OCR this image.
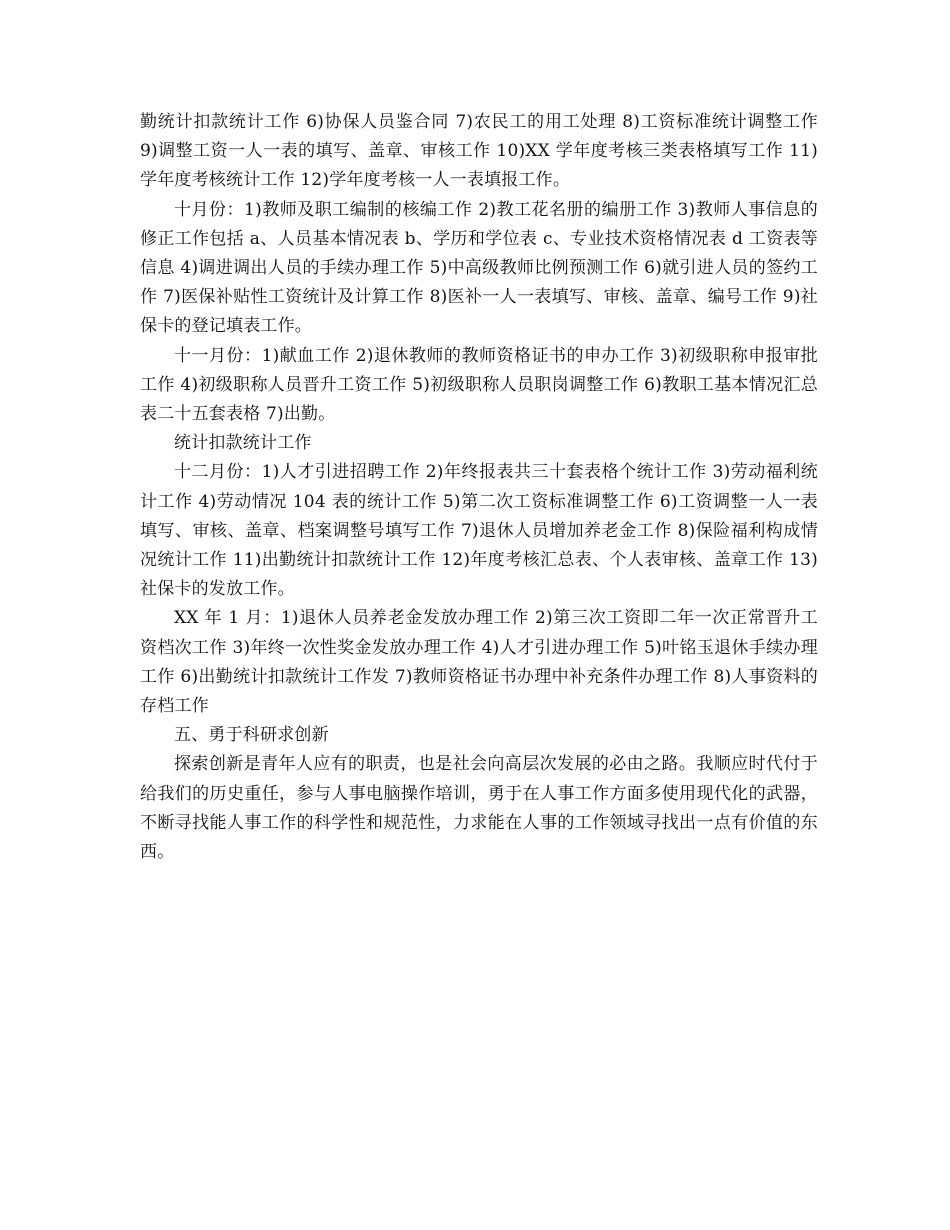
勤统计扣款统计工作 6)协保人员鉴合同 7)农民工的用工处理 8)工资标准统计调整工作 9)调整工资一人一表的填写、盖章、审核工作 10)XX 学年度考核三类表格填写工作 11)学年度考核统计工作 12)学年度考核一人一表填报工作。

十月份：1)教师及职工编制的核编工作 2)教工花名册的编册工作 3)教师人事信息的修正工作包括 a、人员基本情况表 b、学历和学位表 c、专业技术资格情况表 d 工资表等信息 4)调进调出人员的手续办理工作 5)中高级教师比例预测工作 6)就引进人员的签约工作 7)医保补贴性工资统计及计算工作 8)医补一人一表填写、审核、盖章、编号工作 9)社保卡的登记填表工作。

十一月份：1)献血工作 2)退休教师的教师资格证书的申办工作 3)初级职称申报审批工作 4)初级职称人员晋升工资工作 5)初级职称人员职岗调整工作 6)教职工基本情况汇总表二十五套表格 7)出勤。

统计扣款统计工作

十二月份：1)人才引进招聘工作 2)年终报表共三十套表格个统计工作 3)劳动福利统计工作 4)劳动情况 104 表的统计工作 5)第二次工资标准调整工作 6)工资调整一人一表填写、审核、盖章、档案调整号填写工作 7)退休人员增加养老金工作 8)保险福利构成情况统计工作 11)出勤统计扣款统计工作 12)年度考核汇总表、个人表审核、盖章工作 13)社保卡的发放工作。

XX 年 1 月：1)退休人员养老金发放办理工作 2)第三次工资即二年一次正常晋升工资档次工作 3)年终一次性奖金发放办理工作 4)人才引进办理工作 5)叶铭玉退休手续办理工作 6)出勤统计扣款统计工作发 7)教师资格证书办理中补充条件办理工作 8)人事资料的存档工作

五、勇于科研求创新

探索创新是青年人应有的职责，也是社会向高层次发展的必由之路。我顺应时代付于给我们的历史重任，参与人事电脑操作培训，勇于在人事工作方面多使用现代化的武器，不断寻找能人事工作的科学性和规范性，力求能在人事的工作领域寻找出一点有价值的东西。
